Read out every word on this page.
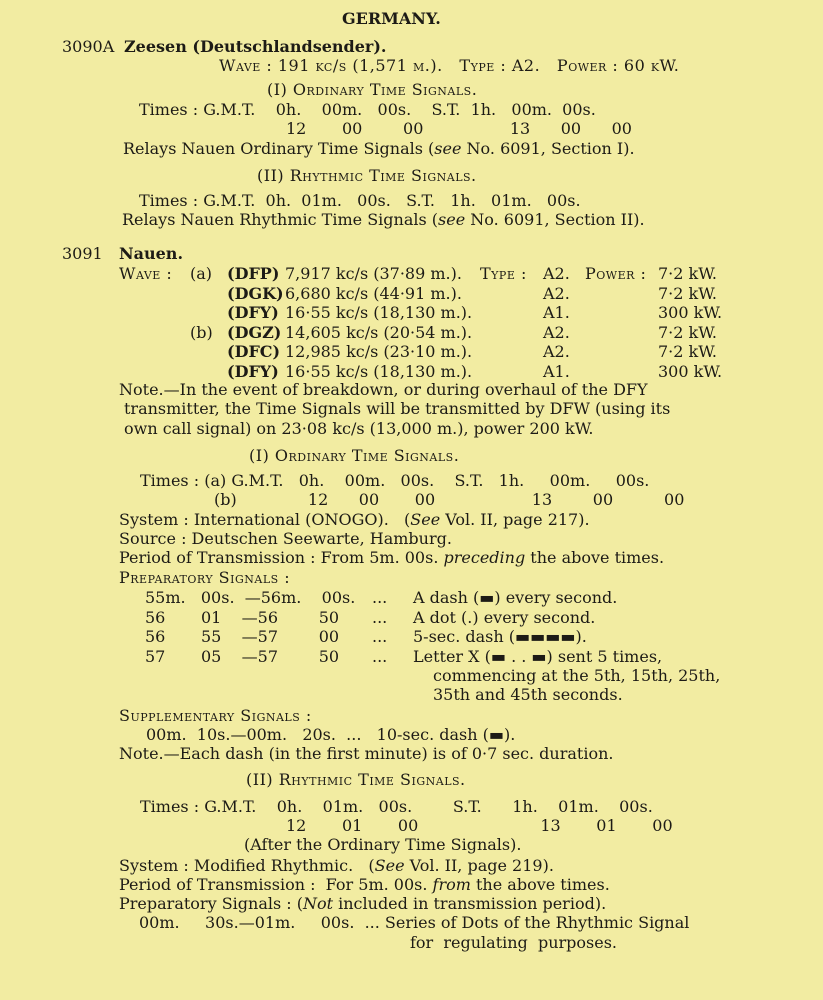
GERMANY.
3090A Zeesen (Deutschlandsender).
Wave : 191 kc/s (1,571 m.).   Type : A2.   Power : 60 kW.
(I) Ordinary Time Signals.
Times : G.M.T.    0h.    00m.   00s.    S.T.  1h.   00m.  00s.
12       00        00                 13      00      00
Relays Nauen Ordinary Time Signals (see No. 6091, Section I).
(II) Rhythmic Time Signals.
Times : G.M.T.  0h.  01m.   00s.   S.T.   1h.   01m.   00s.
Relays Nauen Rhythmic Time Signals (see No. 6091, Section II).
3091 Nauen.
Wave : (a) (DFP) 7,917 kc/s (37·89 m.). Type : A2. Power : 7·2 kW.
(DGK) 6,680 kc/s (44·91 m.).	A2.	7·2 kW.
(DFY) 16·55 kc/s (18,130 m.).	A1.	300 kW.
(b) (DGZ) 14,605 kc/s (20·54 m.).	A2.	7·2 kW.
(DFC) 12,985 kc/s (23·10 m.).	A2.	7·2 kW.
(DFY) 16·55 kc/s (18,130 m.).	A1.	300 kW.
Note.—In the event of breakdown, or during overhaul of the DFY
transmitter, the Time Signals will be transmitted by DFW (using its
own call signal) on 23·08 kc/s (13,000 m.), power 200 kW.
(I) Ordinary Time Signals.
Times : (a) G.M.T.   0h.    00m.   00s.    S.T.   1h.     00m.     00s.
(b)              12      00       00                   13        00          00
System : International (ONOGO).   (See Vol. II, page 217).
Source : Deutschen Seewarte, Hamburg.
Period of Transmission : From 5m. 00s. preceding the above times.
Preparatory Signals :
55m.   00s.  —56m.    00s. ... A dash (▬) every second.
56       01    —56        50 ... A dot (.) every second.
56       55    —57        00 ... 5-sec. dash (▬▬▬▬).
57       05    —57        50 ... Letter X (▬ . . ▬) sent 5 times,
commencing at the 5th, 15th, 25th,
35th and 45th seconds.
Supplementary Signals :
00m.  10s.—00m.   20s.  ...   10-sec. dash (▬).
Note.—Each dash (in the first minute) is of 0·7 sec. duration.
(II) Rhythmic Time Signals.
Times : G.M.T.    0h.    01m.   00s.        S.T.      1h.    01m.    00s.
12       01       00                        13       01       00
(After the Ordinary Time Signals).
System : Modified Rhythmic.   (See Vol. II, page 219).
Period of Transmission :  For 5m. 00s. from the above times.
Preparatory Signals : (Not included in transmission period).
00m.     30s.—01m.     00s.  ... Series of Dots of the Rhythmic Signal
for  regulating  purposes.
